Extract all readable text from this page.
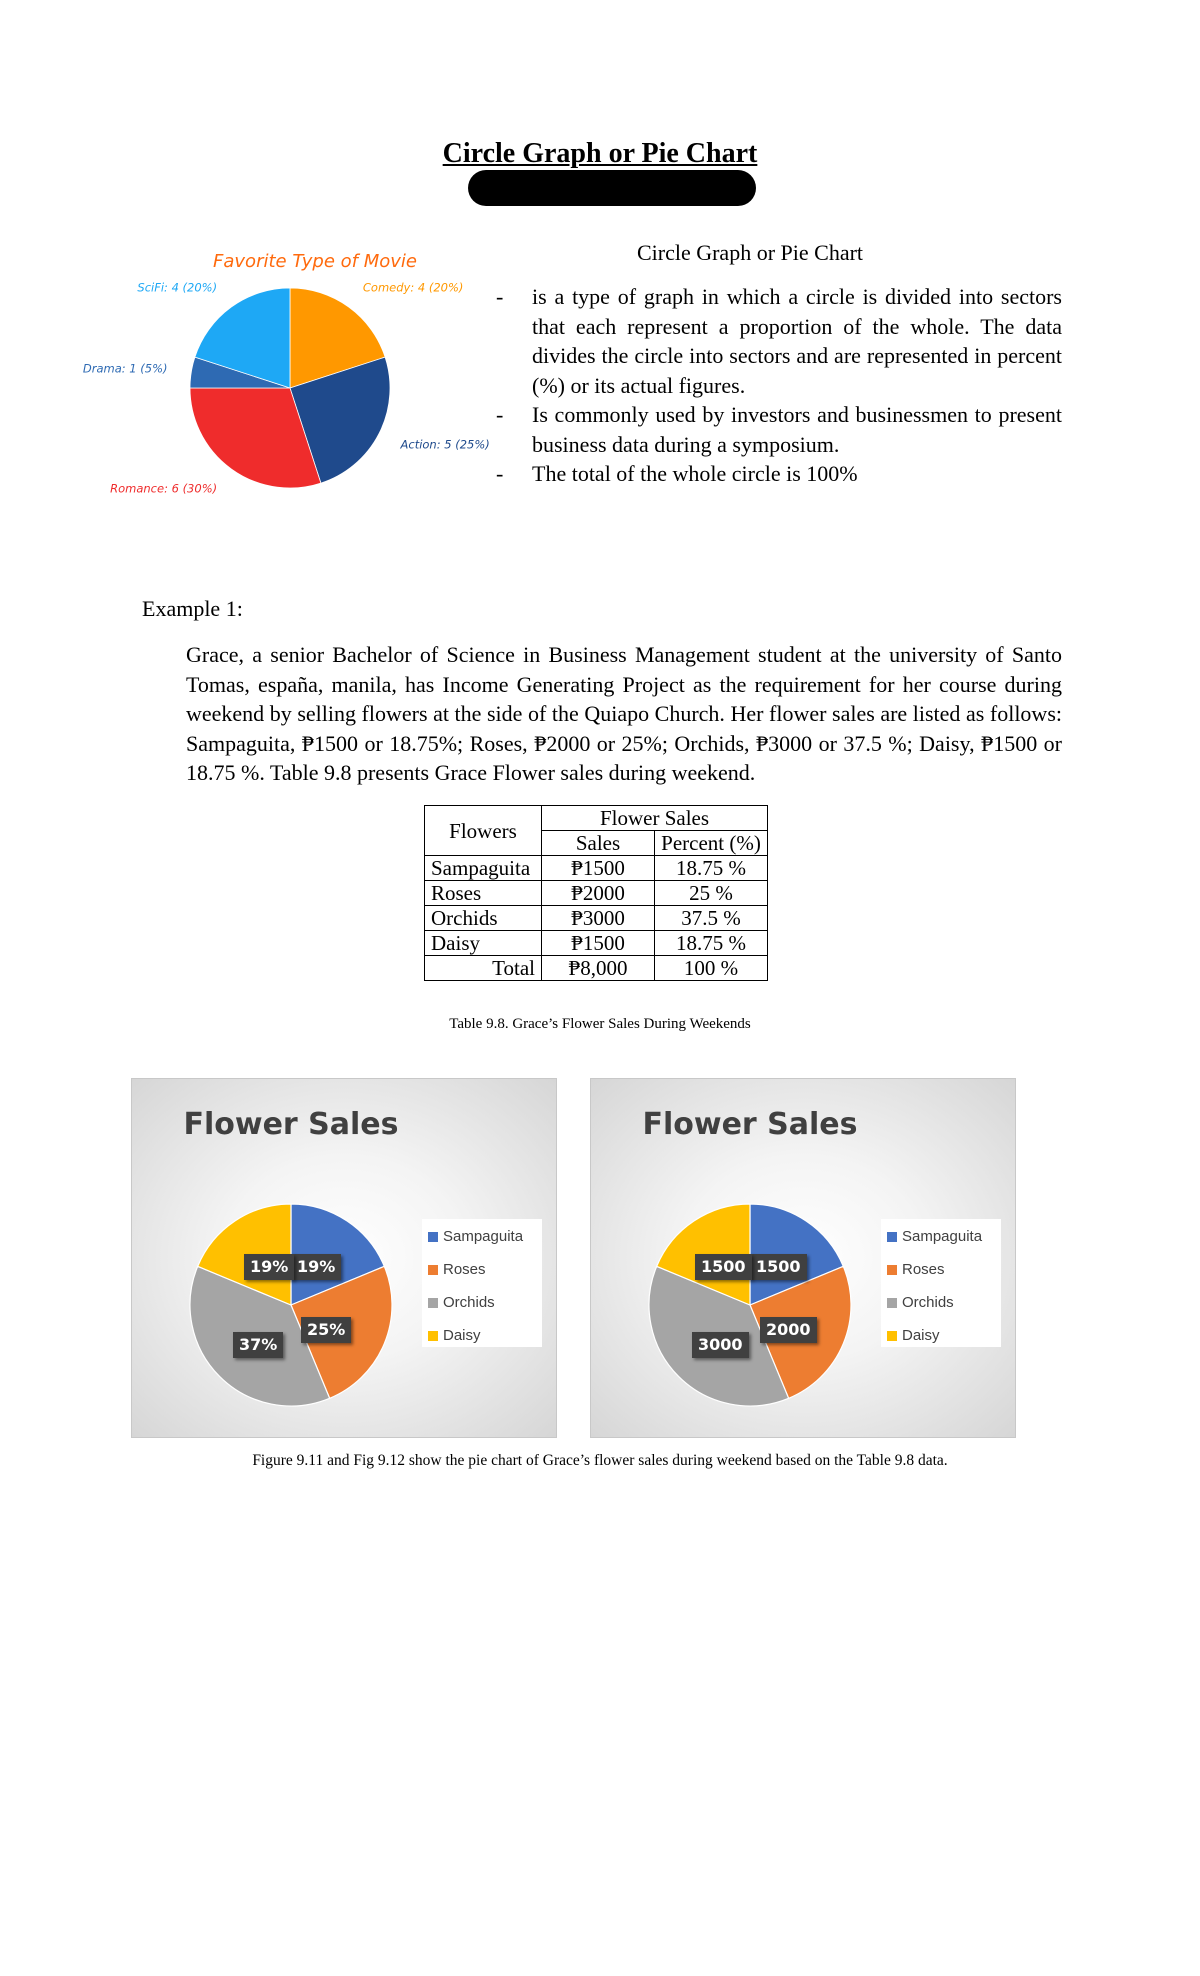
Circle Graph or Pie Chart
Favorite Type of Movie
Comedy: 4 (20%)
Action: 5 (25%)
Romance: 6 (30%)
Drama: 1 (5%)
SciFi: 4 (20%)
Circle Graph or Pie Chart
- is a type of graph in which a circle is divided into sectors that each represent a proportion of the whole. The data divides the circle into sectors and are represented in percent (%) or its actual figures.
- Is commonly used by investors and businessmen to present business data during a symposium.
- The total of the whole circle is 100%
Example 1:
Grace, a senior Bachelor of Science in Business Management student at the university of Santo Tomas, españa, manila, has Income Generating Project as the requirement for her course during weekend by selling flowers at the side of the Quiapo Church. Her flower sales are listed as follows: Sampaguita, ₱1500 or 18.75%; Roses, ₱2000 or 25%; Orchids, ₱3000 or 37.5 %; Daisy, ₱1500 or 18.75 %. Table 9.8 presents Grace Flower sales during weekend.
Flowers	Flower Sales	
	Sales	Percent (%)
Sampaguita	₱1500	18.75 %
Roses	₱2000	25 %
Orchids	₱3000	37.5 %
Daisy	₱1500	18.75 %
Total	₱8,000	100 %
Table 9.8. Grace’s Flower Sales During Weekends
Flower Sales
Sampaguita
Roses
Orchids
Daisy
19%
25%
37%
19%
Flower Sales
Sampaguita
Roses
Orchids
Daisy
1500
2000
3000
1500
Figure 9.11 and Fig 9.12 show the pie chart of Grace’s flower sales during weekend based on the Table 9.8 data.
